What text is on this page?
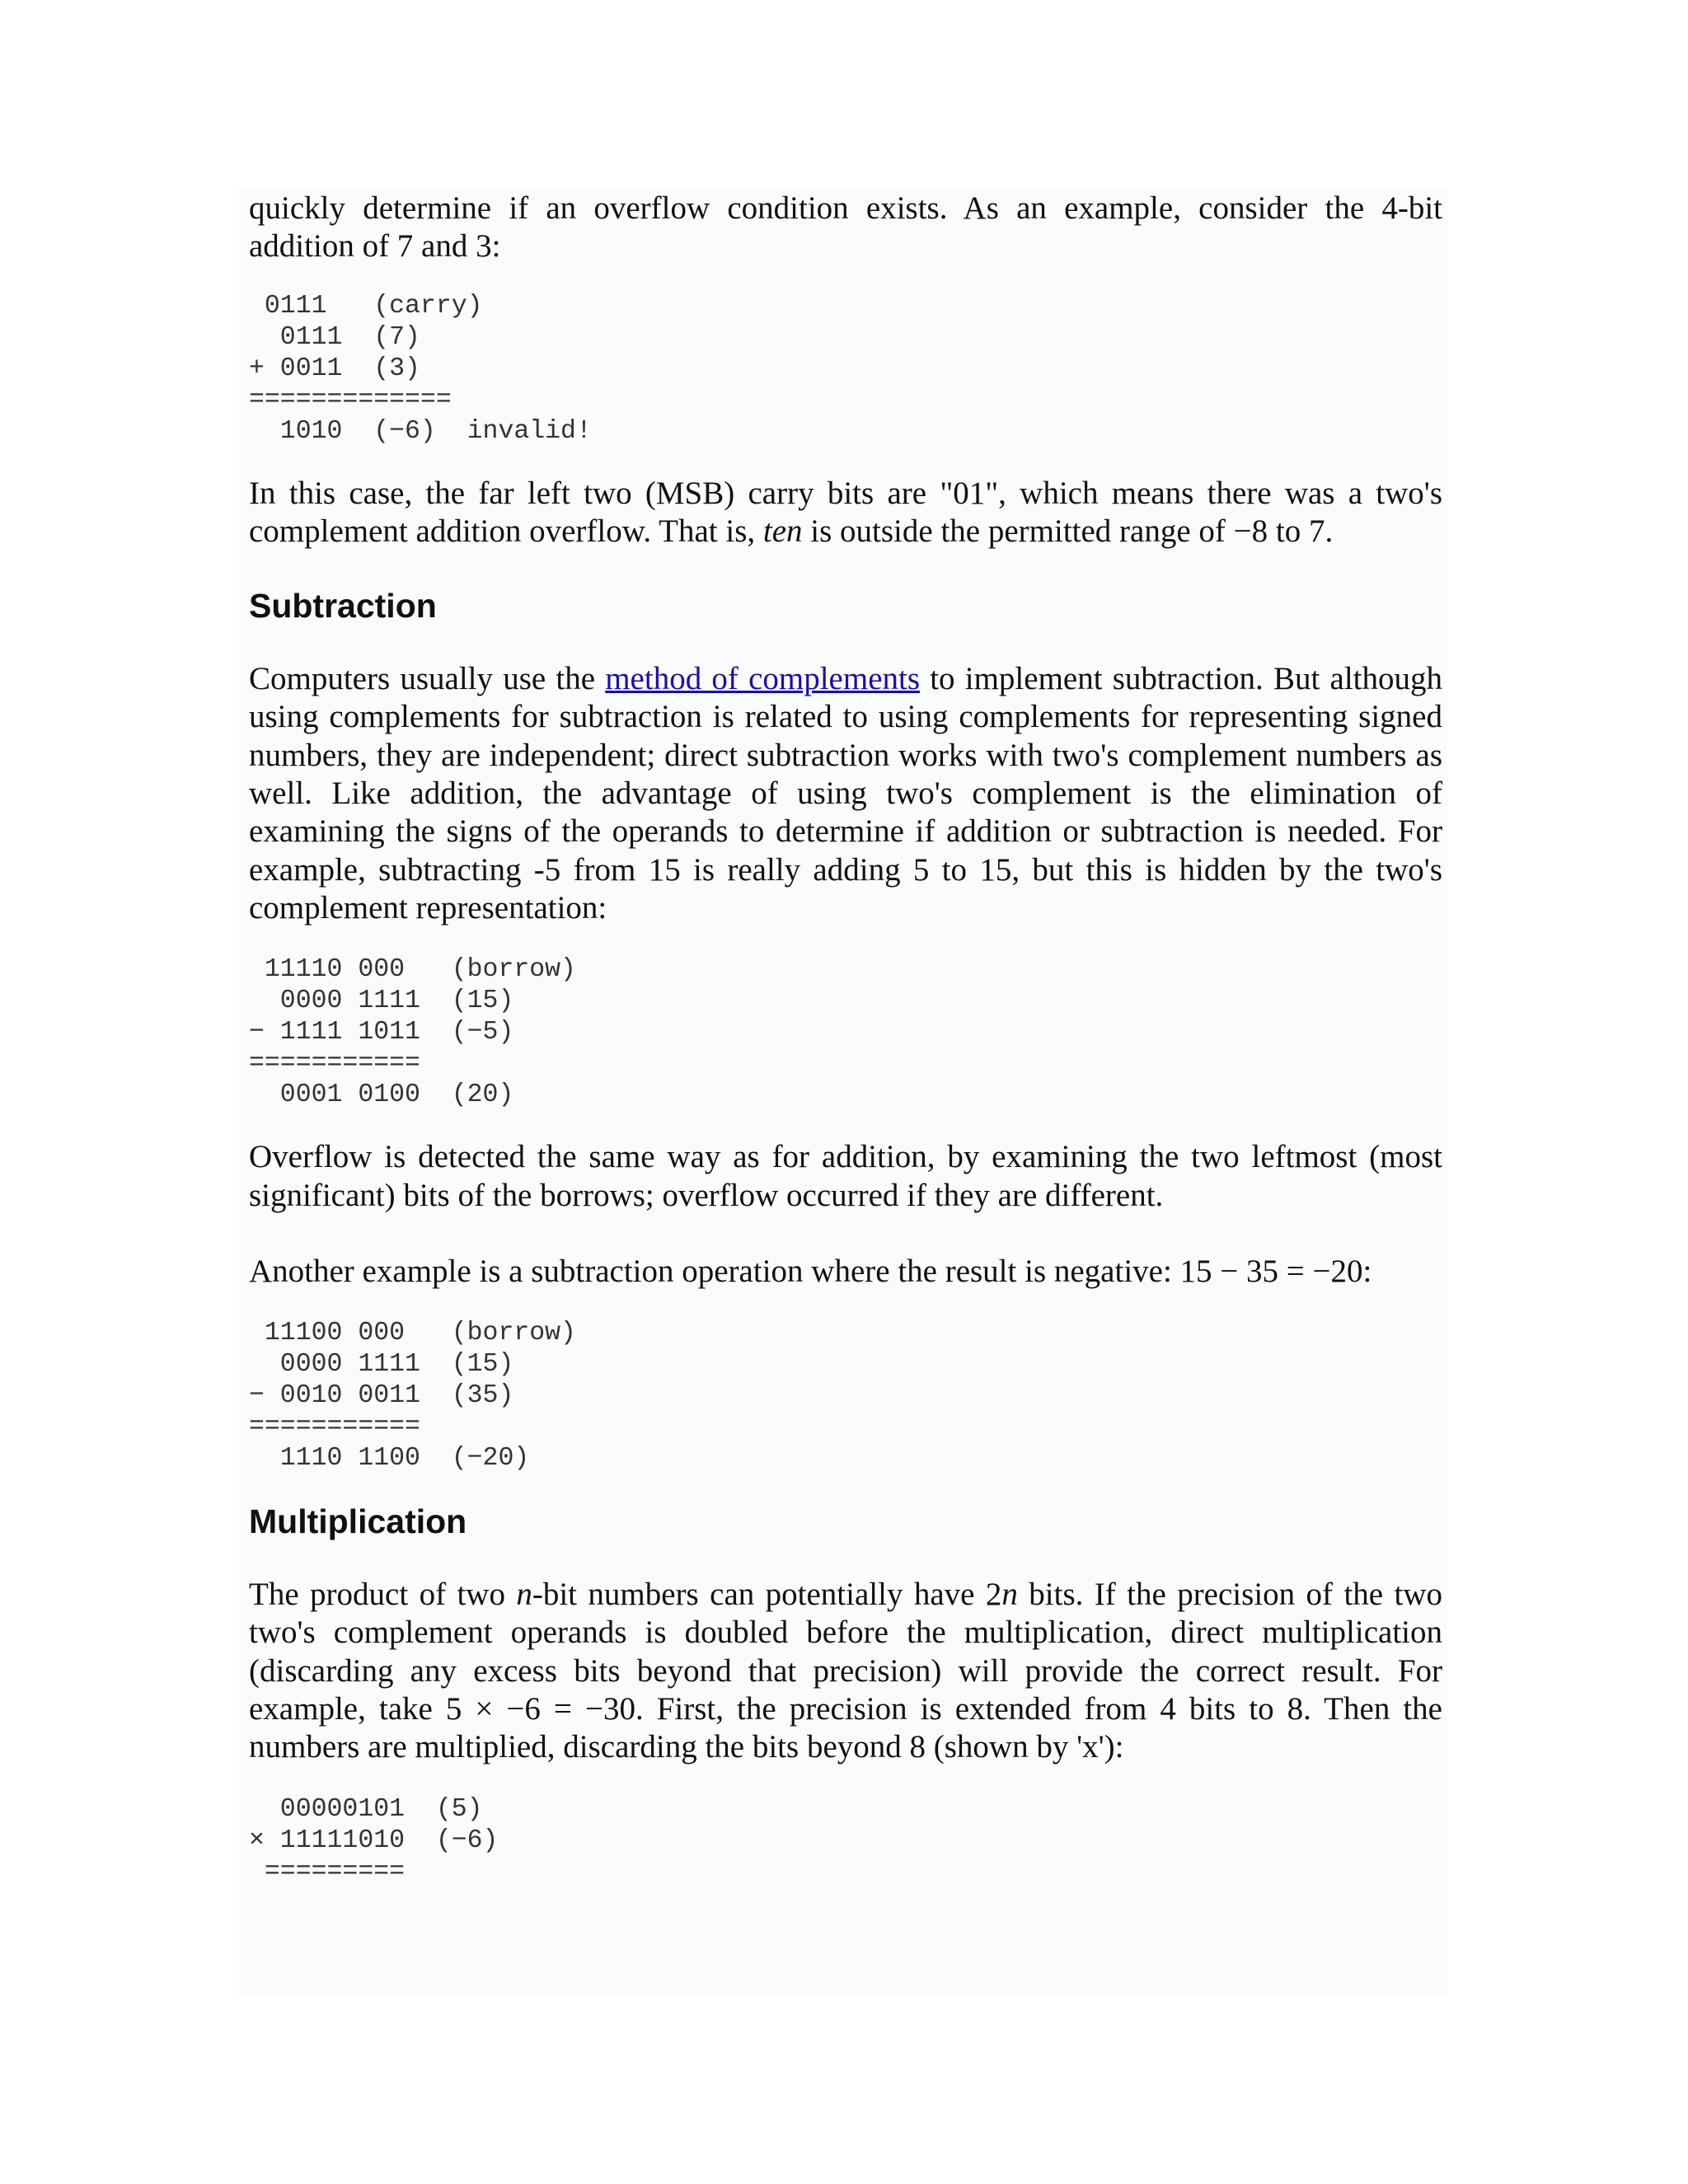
quickly determine if an overflow condition exists. As an example, consider the 4-bit addition of 7 and 3:

0111   (carry)
0111  (7)
+ 0011  (3)
=============
1010  (−6)  invalid!

In this case, the far left two (MSB) carry bits are "01", which means there was a two's complement addition overflow. That is, ten is outside the permitted range of −8 to 7.

Subtraction

Computers usually use the method of complements to implement subtraction. But although using complements for subtraction is related to using complements for representing signed numbers, they are independent; direct subtraction works with two's complement numbers as well. Like addition, the advantage of using two's complement is the elimination of examining the signs of the operands to determine if addition or subtraction is needed. For example, subtracting -5 from 15 is really adding 5 to 15, but this is hidden by the two's complement representation:

11110 000   (borrow)
0000 1111  (15)
− 1111 1011  (−5)
===========
0001 0100  (20)

Overflow is detected the same way as for addition, by examining the two leftmost (most significant) bits of the borrows; overflow occurred if they are different.

Another example is a subtraction operation where the result is negative: 15 − 35 = −20:

11100 000   (borrow)
0000 1111  (15)
− 0010 0011  (35)
===========
1110 1100  (−20)
Multiplication

The product of two n-bit numbers can potentially have 2n bits. If the precision of the two two's complement operands is doubled before the multiplication, direct multiplication (discarding any excess bits beyond that precision) will provide the correct result. For example, take 5 × −6 = −30. First, the precision is extended from 4 bits to 8. Then the numbers are multiplied, discarding the bits beyond 8 (shown by 'x'):

00000101  (5)
× 11111010  (−6)
=========
